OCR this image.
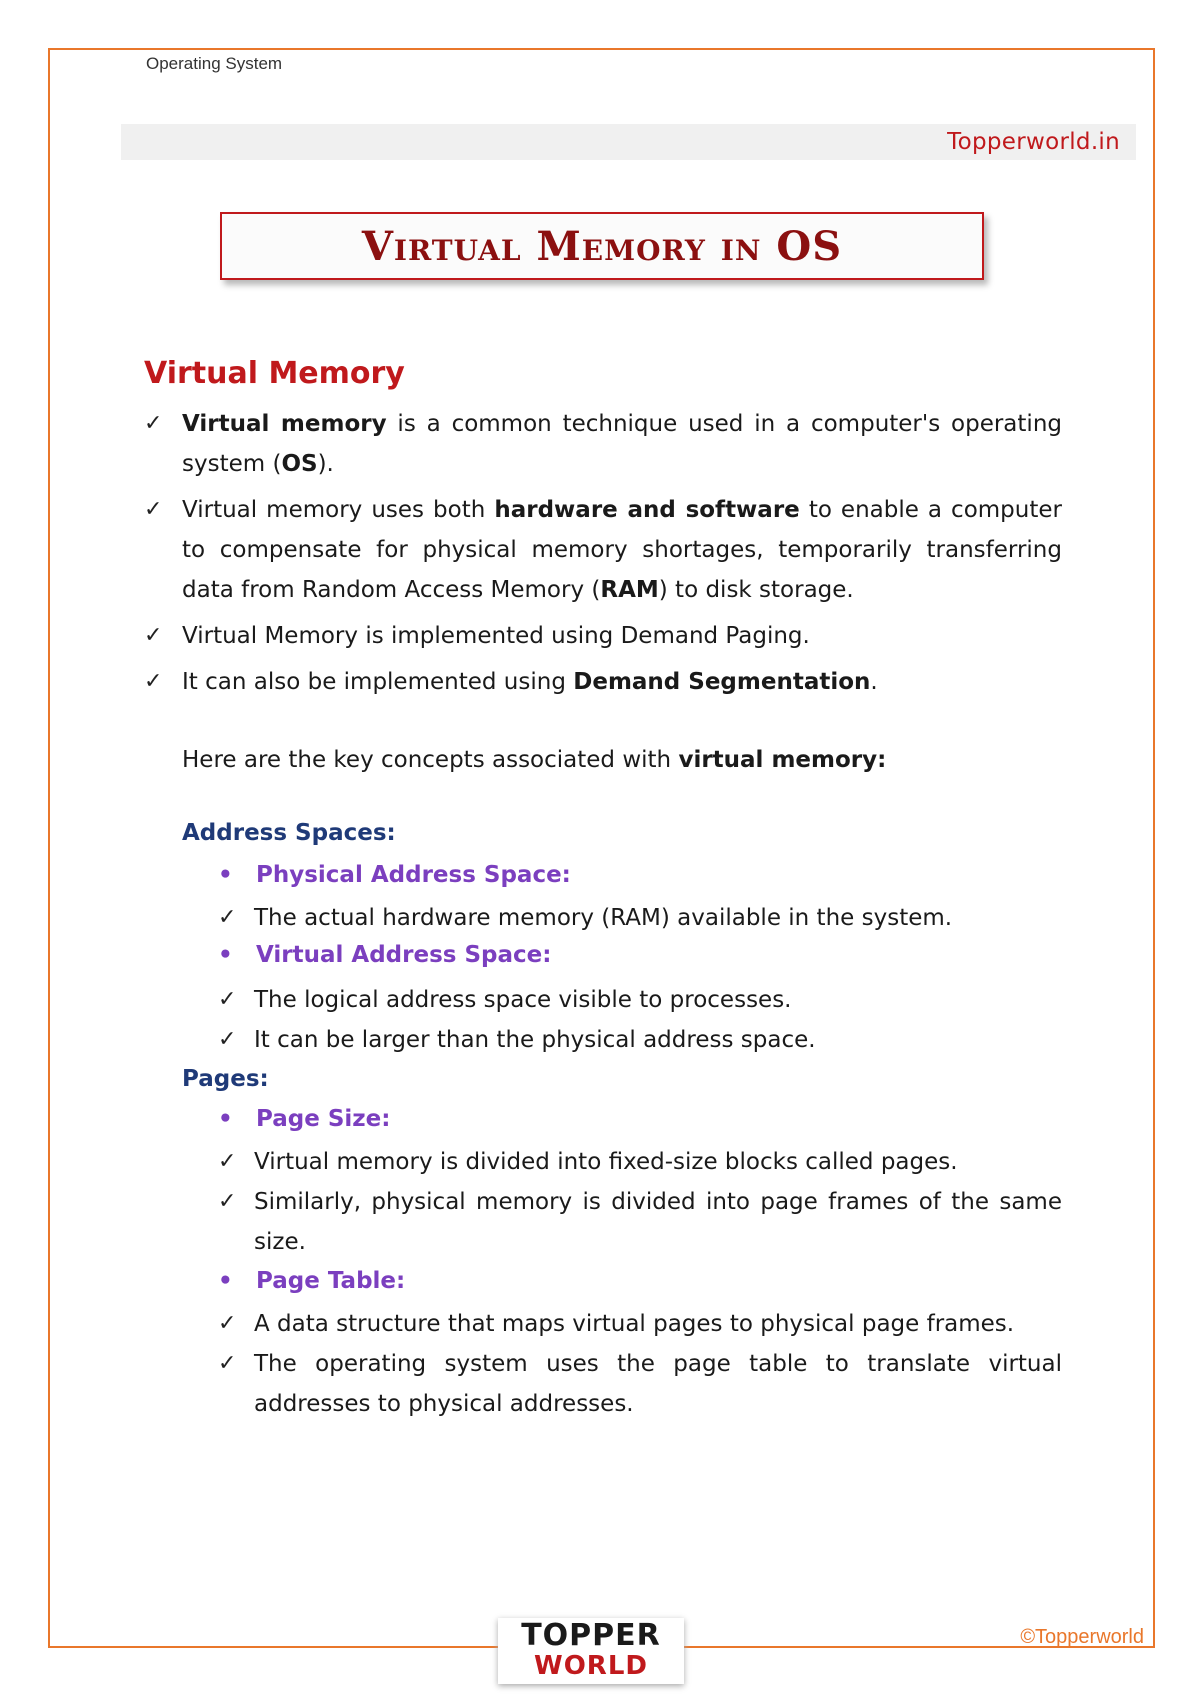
Operating System
Topperworld.in
Virtual Memory in OS
Virtual Memory
✓ Virtual memory is a common technique used in a computer's operating system (OS).
✓ Virtual memory uses both hardware and software to enable a computer to compensate for physical memory shortages, temporarily transferring data from Random Access Memory (RAM) to disk storage.
✓ Virtual Memory is implemented using Demand Paging.
✓ It can also be implemented using Demand Segmentation.
Here are the key concepts associated with virtual memory:
Address Spaces:
• Physical Address Space:
✓ The actual hardware memory (RAM) available in the system.
• Virtual Address Space:
✓ The logical address space visible to processes.
✓ It can be larger than the physical address space.
Pages:
• Page Size:
✓ Virtual memory is divided into fixed-size blocks called pages.
✓ Similarly, physical memory is divided into page frames of the same size.
• Page Table:
✓ A data structure that maps virtual pages to physical page frames.
✓ The operating system uses the page table to translate virtual addresses to physical addresses.
TOPPER
WORLD
©Topperworld
